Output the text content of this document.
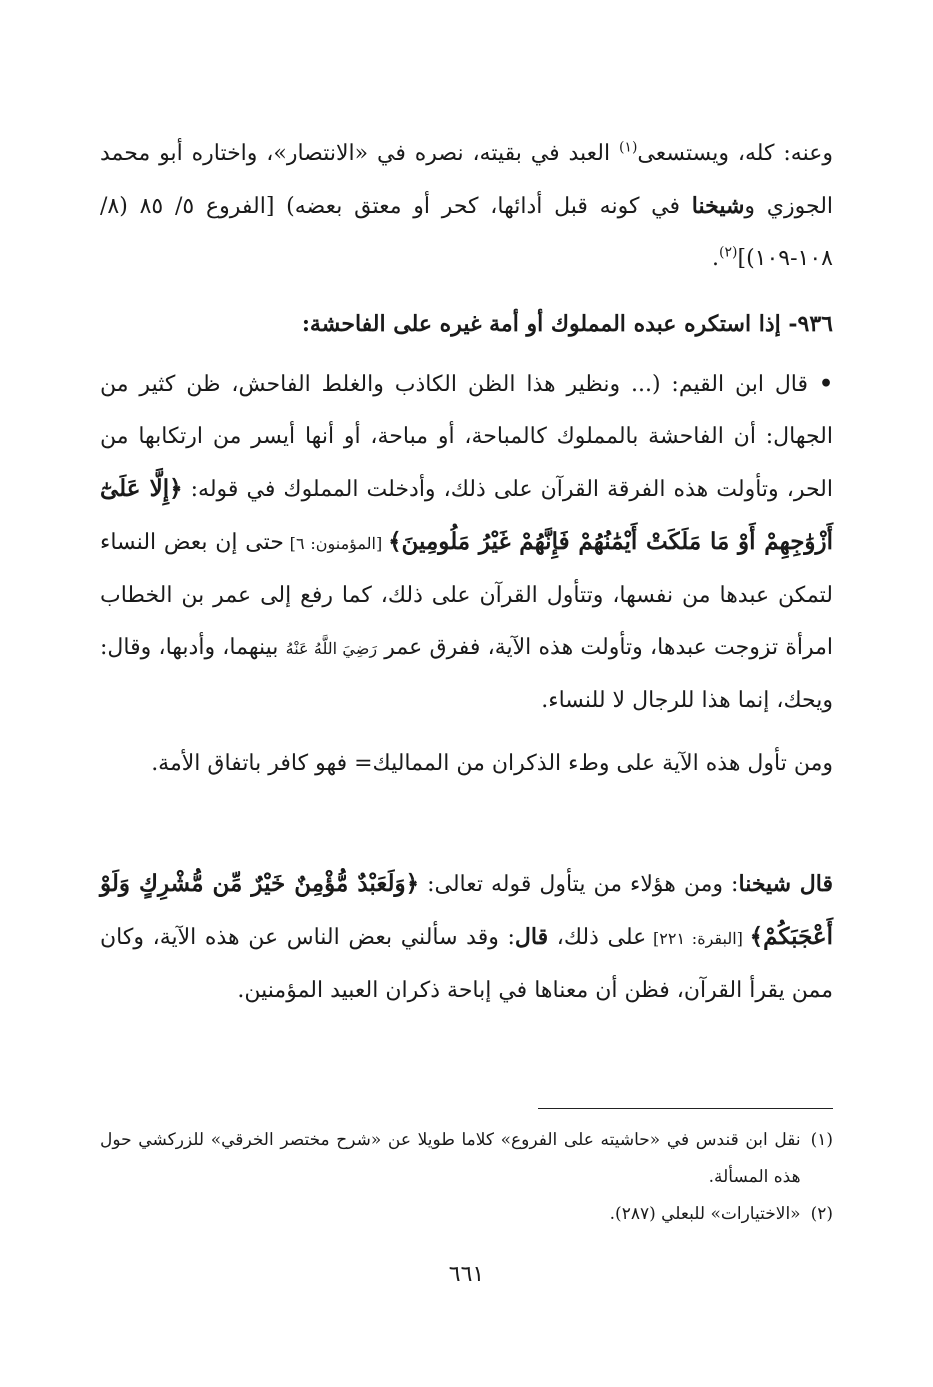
وعنه: كله، ويستسعى$^{(١)}$ العبد في بقيته، نصره في «الانتصار»، واختاره أبو محمد الجوزي وشيخنا في كونه قبل أدائها، كحر أو معتق بعضه) [الفروع ٥/ ٨٥ (٨/ ١٠٨-١٠٩)]$^{(٢)}$.
٩٣٦- إذا استكره عبده المملوك أو أمة غيره على الفاحشة:
• قال ابن القيم: (... ونظير هذا الظن الكاذب والغلط الفاحش، ظن كثير من الجهال: أن الفاحشة بالمملوك كالمباحة، أو مباحة، أو أنها أيسر من ارتكابها من الحر، وتأولت هذه الفرقة القرآن على ذلك، وأدخلت المملوك في قوله: ﴿إِلَّا عَلَىٰٓ أَزْوَٰجِهِمْ أَوْ مَا مَلَكَتْ أَيْمَٰنُهُمْ فَإِنَّهُمْ غَيْرُ مَلُومِينَ﴾ [المؤمنون: ٦] حتى إن بعض النساء لتمكن عبدها من نفسها، وتتأول القرآن على ذلك، كما رفع إلى عمر بن الخطاب امرأة تزوجت عبدها، وتأولت هذه الآية، ففرق عمر رَضِيَ اللَّهُ عَنْهُ بينهما، وأدبها، وقال: ويحك، إنما هذا للرجال لا للنساء.
ومن تأول هذه الآية على وطء الذكران من المماليك= فهو كافر باتفاق الأمة.
قال شيخنا: ومن هؤلاء من يتأول قوله تعالى: ﴿وَلَعَبْدٌ مُّؤْمِنٌ خَيْرٌ مِّن مُّشْرِكٍ وَلَوْ أَعْجَبَكُمْ﴾ [البقرة: ٢٢١] على ذلك، قال: وقد سألني بعض الناس عن هذه الآية، وكان ممن يقرأ القرآن، فظن أن معناها في إباحة ذكران العبيد المؤمنين.
(١)
نقل ابن قندس في «حاشيته على الفروع» كلاما طويلا عن «شرح مختصر الخرقي» للزركشي حول هذه المسألة.
(٢)
«الاختيارات» للبعلي (٢٨٧).
٦٦١
